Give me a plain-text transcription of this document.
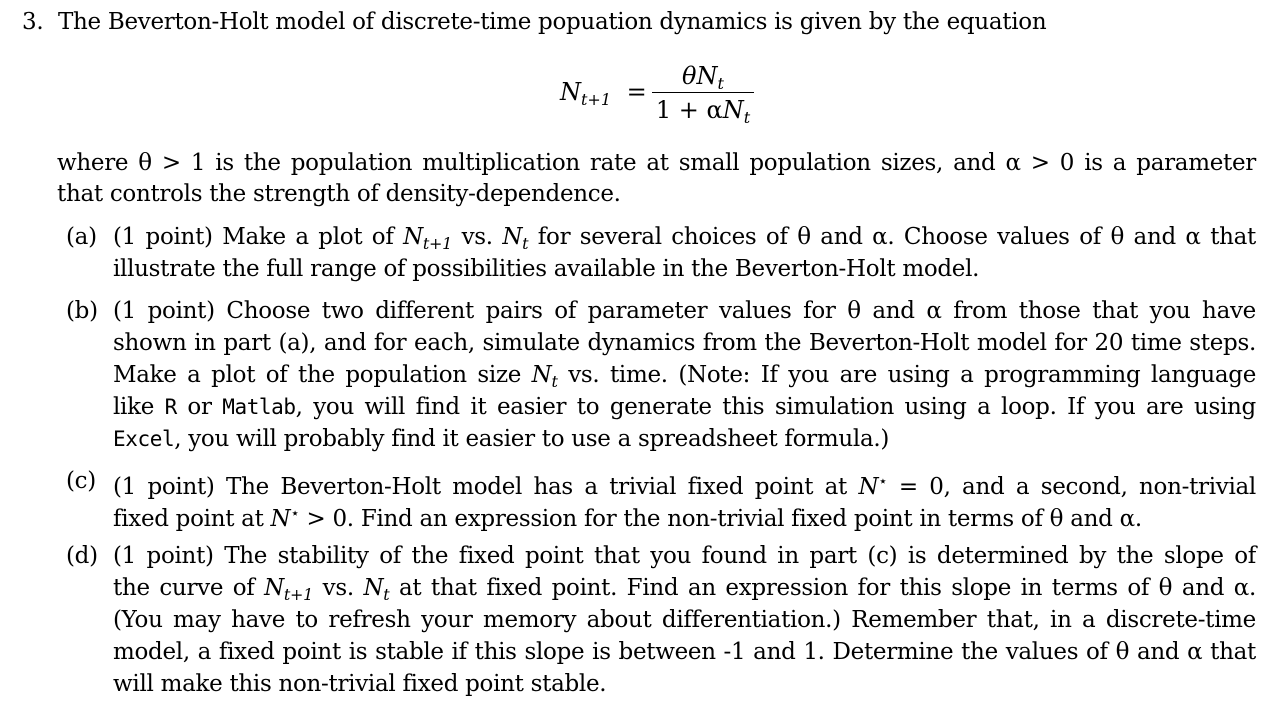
3. The Beverton-Holt model of discrete-time popuation dynamics is given by the equation
$N_{t+1}$ =
$\theta N_t$
$1 + \alpha N_t$
where θ > 1 is the population multiplication rate at small population sizes, and α > 0 is a parameter
that controls the strength of density-dependence.
(a) (1 point) Make a plot of $N_{t+1}$ vs. $N_t$ for several choices of θ and α. Choose values of θ and α that
illustrate the full range of possibilities available in the Beverton-Holt model.
(b) (1 point) Choose two different pairs of parameter values for θ and α from those that you have
shown in part (a), and for each, simulate dynamics from the Beverton-Holt model for 20 time steps.
Make a plot of the population size $N_t$ vs. time. (Note: If you are using a programming language
like R or Matlab, you will find it easier to generate this simulation using a loop. If you are using
Excel, you will probably find it easier to use a spreadsheet formula.)
(c) (1 point) The Beverton-Holt model has a trivial fixed point at N⋆ = 0, and a second, non-trivial
fixed point at N⋆ > 0. Find an expression for the non-trivial fixed point in terms of θ and α.
(d) (1 point) The stability of the fixed point that you found in part (c) is determined by the slope of
the curve of $N_{t+1}$ vs. $N_t$ at that fixed point. Find an expression for this slope in terms of θ and α.
(You may have to refresh your memory about differentiation.) Remember that, in a discrete-time
model, a fixed point is stable if this slope is between -1 and 1. Determine the values of θ and α that
will make this non-trivial fixed point stable.
